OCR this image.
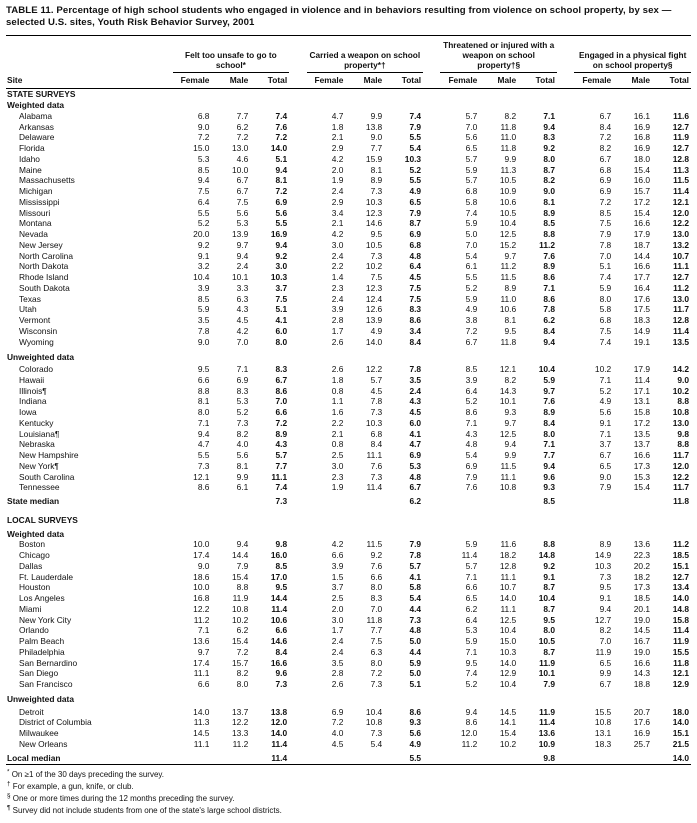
TABLE 11. Percentage of high school students who engaged in violence and in behaviors resulting from violence on school property, by sex — selected U.S. sites, Youth Risk Behavior Survey, 2001
		Felt too unsafe to go to school*				Carried a weapon on school property*†				Threatened or injured with a weapon on school property†§				Engaged in a physical fight on school property§		
Site		Female	Male	Total		Female	Male	Total		Female	Male	Total		Female	Male	Total
STATE SURVEYS																
Weighted data																
Alabama		6.8	7.7	7.4		4.7	9.9	7.4		5.7	8.2	7.1		6.7	16.1	11.6
Arkansas		9.0	6.2	7.6		1.8	13.8	7.9		7.0	11.8	9.4		8.4	16.9	12.7
Delaware		7.2	7.2	7.2		2.1	9.0	5.5		5.6	11.0	8.3		7.2	16.8	11.9
Florida		15.0	13.0	14.0		2.9	7.7	5.4		6.5	11.8	9.2		8.2	16.9	12.7
Idaho		5.3	4.6	5.1		4.2	15.9	10.3		5.7	9.9	8.0		6.7	18.0	12.8
Maine		8.5	10.0	9.4		2.0	8.1	5.2		5.9	11.3	8.7		6.8	15.4	11.3
Massachusetts		9.4	6.7	8.1		1.9	8.9	5.5		5.7	10.5	8.2		6.9	16.0	11.5
Michigan		7.5	6.7	7.2		2.4	7.3	4.9		6.8	10.9	9.0		6.9	15.7	11.4
Mississippi		6.4	7.5	6.9		2.9	10.3	6.5		5.8	10.6	8.1		7.2	17.2	12.1
Missouri		5.5	5.6	5.6		3.4	12.3	7.9		7.4	10.5	8.9		8.5	15.4	12.0
Montana		5.2	5.3	5.5		2.1	14.6	8.7		5.9	10.4	8.5		7.5	16.6	12.2
Nevada		20.0	13.9	16.9		4.2	9.5	6.9		5.0	12.5	8.8		7.9	17.9	13.0
New Jersey		9.2	9.7	9.4		3.0	10.5	6.8		7.0	15.2	11.2		7.8	18.7	13.2
North Carolina		9.1	9.4	9.2		2.4	7.3	4.8		5.4	9.7	7.6		7.0	14.4	10.7
North Dakota		3.2	2.4	3.0		2.2	10.2	6.4		6.1	11.2	8.9		5.1	16.6	11.1
Rhode Island		10.4	10.1	10.3		1.4	7.5	4.5		5.5	11.5	8.6		7.4	17.7	12.7
South Dakota		3.9	3.3	3.7		2.3	12.3	7.5		5.2	8.9	7.1		5.9	16.4	11.2
Texas		8.5	6.3	7.5		2.4	12.4	7.5		5.9	11.0	8.6		8.0	17.6	13.0
Utah		5.9	4.3	5.1		3.9	12.6	8.3		4.9	10.6	7.8		5.8	17.5	11.7
Vermont		3.5	4.5	4.1		2.8	13.9	8.6		3.8	8.1	6.2		6.8	18.3	12.8
Wisconsin		7.8	4.2	6.0		1.7	4.9	3.4		7.2	9.5	8.4		7.5	14.9	11.4
Wyoming		9.0	7.0	8.0		2.6	14.0	8.4		6.7	11.8	9.4		7.4	19.1	13.5
Unweighted data																
Colorado		9.5	7.1	8.3		2.6	12.2	7.8		8.5	12.1	10.4		10.2	17.9	14.2
Hawaii		6.6	6.9	6.7		1.8	5.7	3.5		3.9	8.2	5.9		7.1	11.4	9.0
Illinois¶		8.8	8.3	8.6		0.8	4.5	2.4		6.4	14.3	9.7		5.2	17.1	10.2
Indiana		8.1	5.3	7.0		1.1	7.8	4.3		5.2	10.1	7.6		4.9	13.1	8.8
Iowa		8.0	5.2	6.6		1.6	7.3	4.5		8.6	9.3	8.9		5.6	15.8	10.8
Kentucky		7.1	7.3	7.2		2.2	10.3	6.0		7.1	9.7	8.4		9.1	17.2	13.0
Louisiana¶		9.4	8.2	8.9		2.1	6.8	4.1		4.3	12.5	8.0		7.1	13.5	9.8
Nebraska		4.7	4.0	4.3		0.8	8.4	4.7		4.8	9.4	7.1		3.7	13.7	8.8
New Hampshire		5.5	5.6	5.7		2.5	11.1	6.9		5.4	9.9	7.7		6.7	16.6	11.7
New York¶		7.3	8.1	7.7		3.0	7.6	5.3		6.9	11.5	9.4		6.5	17.3	12.0
South Carolina		12.1	9.9	11.1		2.3	7.3	4.8		7.9	11.1	9.6		9.0	15.3	12.2
Tennessee		8.6	6.1	7.4		1.9	11.4	6.7		7.6	10.8	9.3		7.9	15.4	11.7
State median				7.3				6.2				8.5				11.8
LOCAL SURVEYS																
Weighted data																
Boston		10.0	9.4	9.8		4.2	11.5	7.9		5.9	11.6	8.8		8.9	13.6	11.2
Chicago		17.4	14.4	16.0		6.6	9.2	7.8		11.4	18.2	14.8		14.9	22.3	18.5
Dallas		9.0	7.9	8.5		3.9	7.6	5.7		5.7	12.8	9.2		10.3	20.2	15.1
Ft. Lauderdale		18.6	15.4	17.0		1.5	6.6	4.1		7.1	11.1	9.1		7.3	18.2	12.7
Houston		10.0	8.8	9.5		3.7	8.0	5.8		6.6	10.7	8.7		9.5	17.3	13.4
Los Angeles		16.8	11.9	14.4		2.5	8.3	5.4		6.5	14.0	10.4		9.1	18.5	14.0
Miami		12.2	10.8	11.4		2.0	7.0	4.4		6.2	11.1	8.7		9.4	20.1	14.8
New York City		11.2	10.2	10.6		3.0	11.8	7.3		6.4	12.5	9.5		12.7	19.0	15.8
Orlando		7.1	6.2	6.6		1.7	7.7	4.8		5.3	10.4	8.0		8.2	14.5	11.4
Palm Beach		13.6	15.4	14.6		2.4	7.5	5.0		5.9	15.0	10.5		7.0	16.7	11.9
Philadelphia		9.7	7.2	8.4		2.4	6.3	4.4		7.1	10.3	8.7		11.9	19.0	15.5
San Bernardino		17.4	15.7	16.6		3.5	8.0	5.9		9.5	14.0	11.9		6.5	16.6	11.8
San Diego		11.1	8.2	9.6		2.8	7.2	5.0		7.4	12.9	10.1		9.9	14.3	12.1
San Francisco		6.6	8.0	7.3		2.6	7.3	5.1		5.2	10.4	7.9		6.7	18.8	12.9
Unweighted data																
Detroit		14.0	13.7	13.8		6.9	10.4	8.6		9.4	14.5	11.9		15.5	20.7	18.0
District of Columbia		11.3	12.2	12.0		7.2	10.8	9.3		8.6	14.1	11.4		10.8	17.6	14.0
Milwaukee		14.5	13.3	14.0		4.0	7.3	5.6		12.0	15.4	13.6		13.1	16.9	15.1
New Orleans		11.1	11.2	11.4		4.5	5.4	4.9		11.2	10.2	10.9		18.3	25.7	21.5
Local median				11.4				5.5				9.8				14.0
* On ≥1 of the 30 days preceding the survey.
† For example, a gun, knife, or club.
§ One or more times during the 12 months preceding the survey.
¶ Survey did not include students from one of the state's large school districts.
